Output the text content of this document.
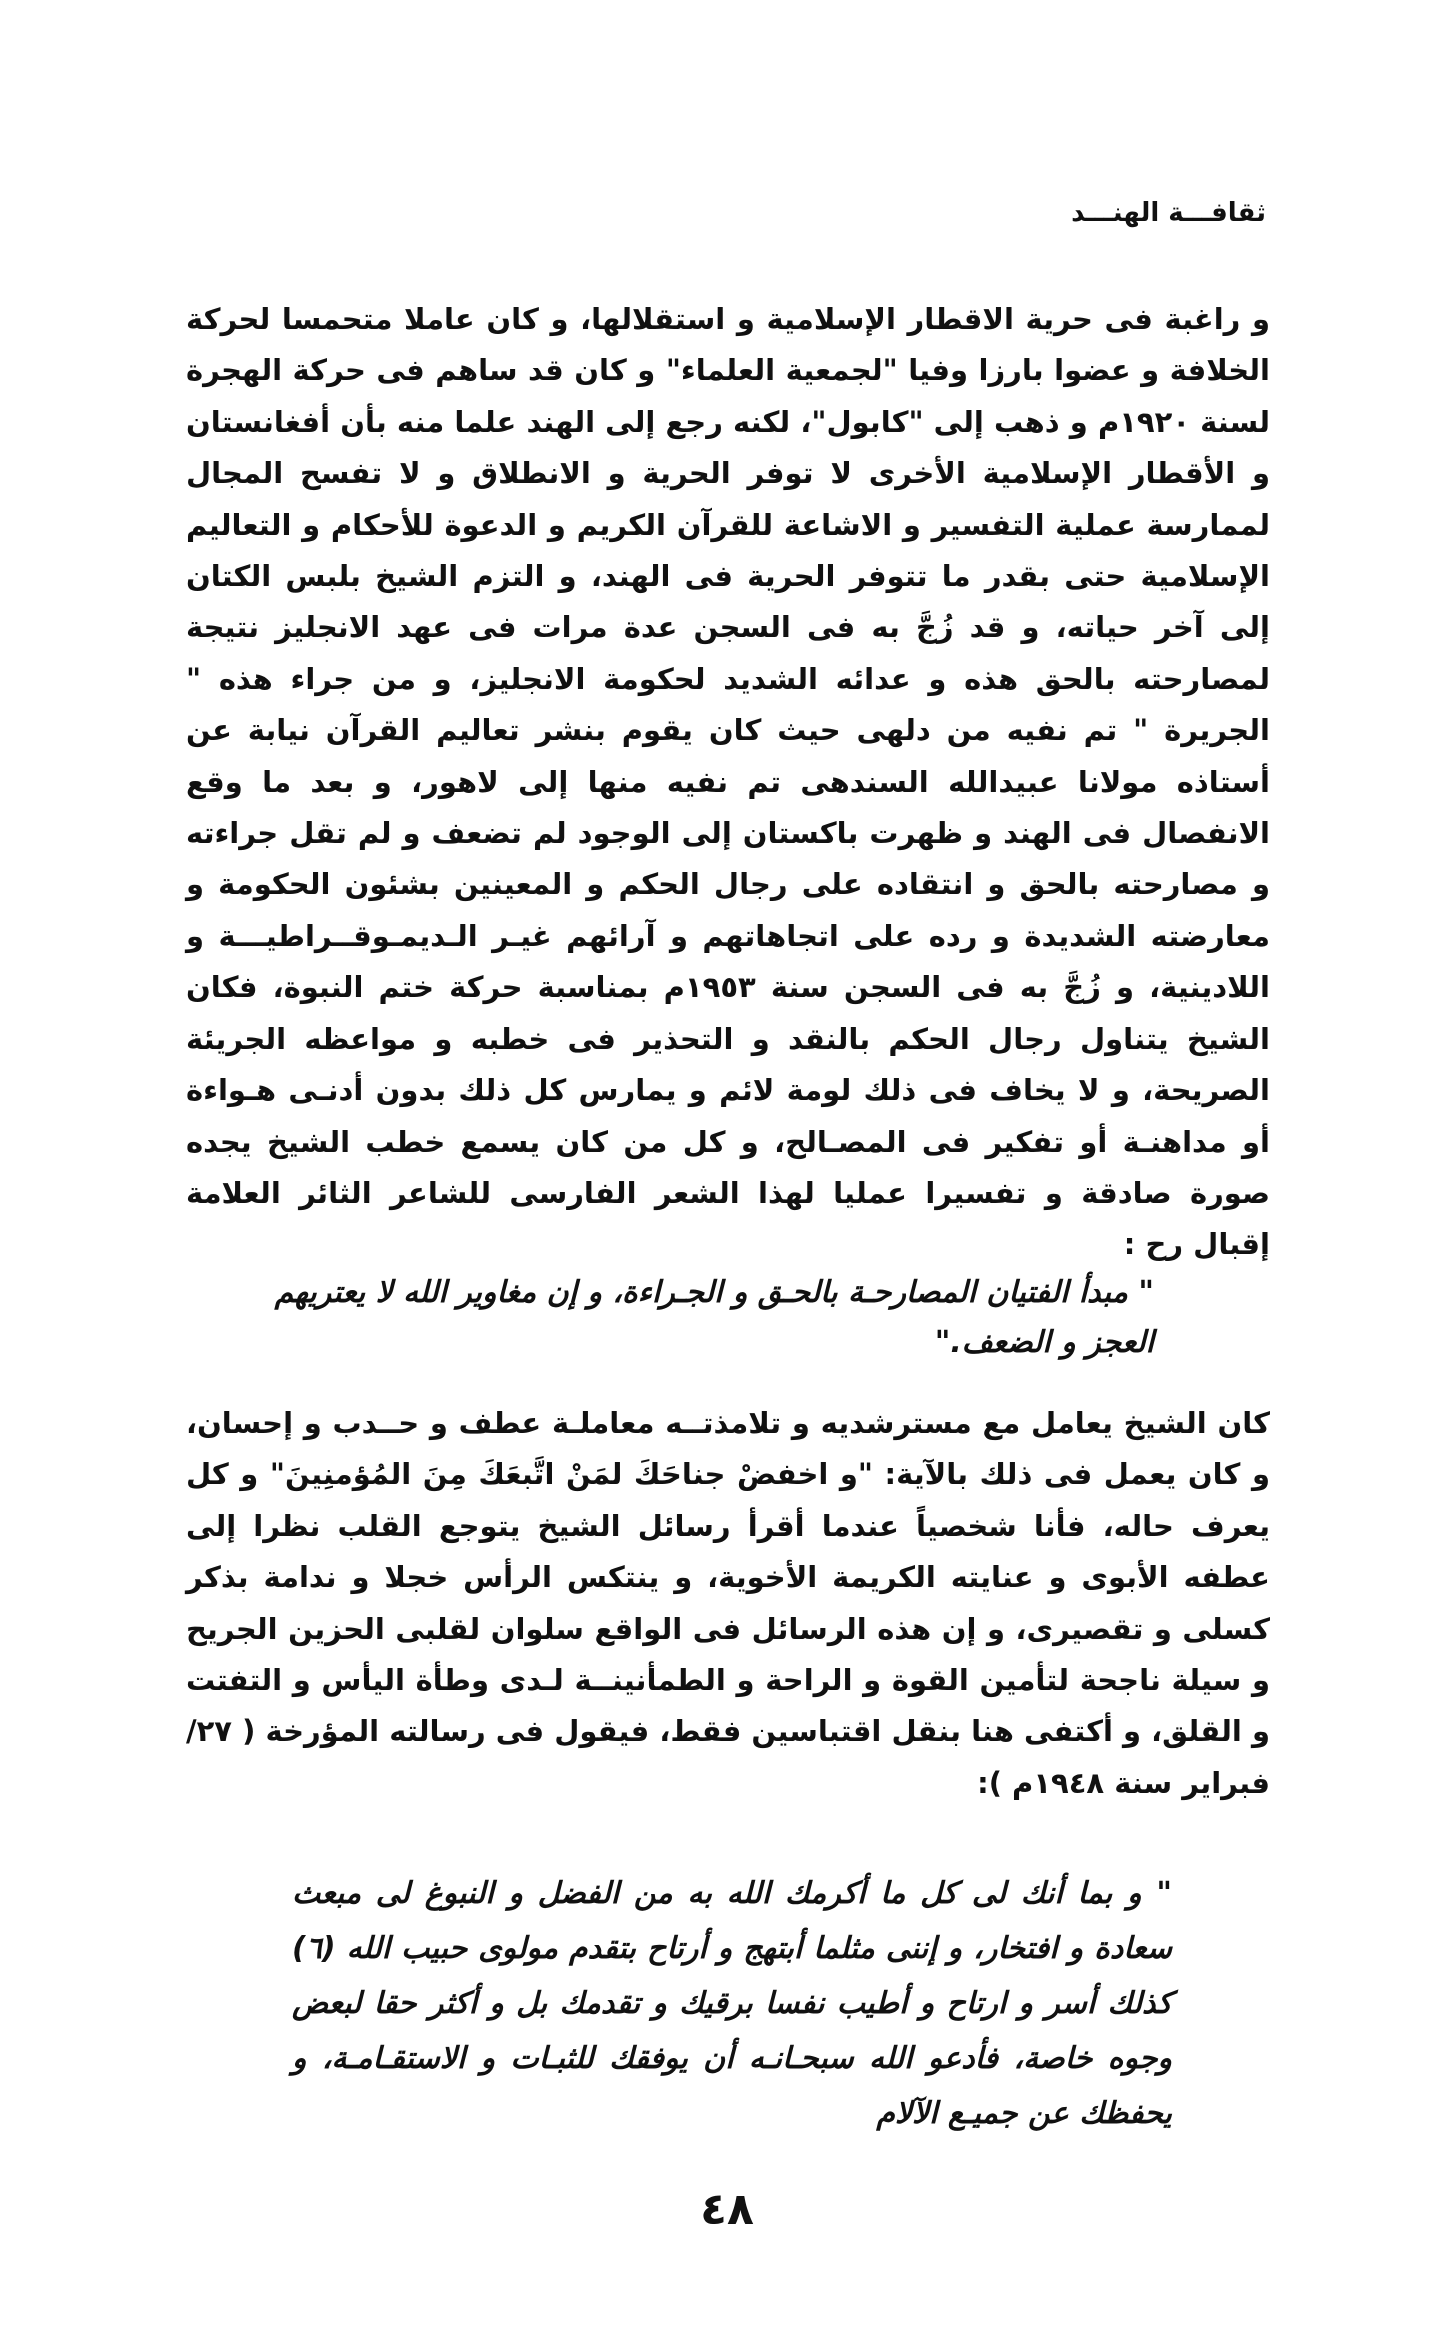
ثقافـــة الهنـــد
و راغبة فى حرية الاقطار الإسلامية و استقلالها، و كان عاملا متحمسا لحركة الخلافة و عضوا بارزا وفيا "لجمعية العلماء" و كان قد ساهم فى حركة الهجرة لسنة ١٩٢٠م و ذهب إلى "كابول"، لكنه رجع إلى الهند علما منه بأن أفغانستان و الأقطار الإسلامية الأخرى لا توفر الحرية و الانطلاق و لا تفسح المجال لممارسة عملية التفسير و الاشاعة للقرآن الكريم و الدعوة للأحكام و التعاليم الإسلامية حتى بقدر ما تتوفر الحرية فى الهند، و التزم الشيخ بلبس الكتان إلى آخر حياته، و قد زُجَّ به فى السجن عدة مرات فى عهد الانجليز نتيجة لمصارحته بالحق هذه و عدائه الشديد لحكومة الانجليز، و من جراء هذه " الجريرة " تم نفيه من دلهى حيث كان يقوم بنشر تعاليم القرآن نيابة عن أستاذه مولانا عبيدالله السندهى تم نفيه منها إلى لاهور، و بعد ما وقع الانفصال فى الهند و ظهرت باكستان إلى الوجود لم تضعف و لم تقل جراءته و مصارحته بالحق و انتقاده على رجال الحكم و المعينين بشئون الحكومة و معارضته الشديدة و رده على اتجاهاتهم و آرائهم غيـر الـديمـوقــراطيـــة و اللادينية، و زُجَّ به فى السجن سنة ١٩٥٣م بمناسبة حركة ختم النبوة، فكان الشيخ يتناول رجال الحكم بالنقد و التحذير فى خطبه و مواعظه الجريئة الصريحة، و لا يخاف فى ذلك لومة لائم و يمارس كل ذلك بدون أدنـى هـواءة أو مداهنـة أو تفكير فى المصـالح، و كل من كان يسمع خطب الشيخ يجده صورة صادقة و تفسيرا عمليا لهذا الشعر الفارسى للشاعر الثائر العلامة إقبال رح :
" مبدأ الفتيان المصارحـة بالحـق و الجـراءة، و إن مغاوير الله لا يعتريهم العجز و الضعف."
كان الشيخ يعامل مع مسترشديه و تلامذتــه معاملـة عطف و حــدب و إحسان، و كان يعمل فى ذلك بالآية: "و اخفضْ جناحَكَ لمَنْ اتَّبعَكَ مِنَ المُؤمنِينَ" و كل يعرف حاله، فأنا شخصياً عندما أقرأ رسائل الشيخ يتوجع القلب نظرا إلى عطفه الأبوى و عنايته الكريمة الأخوية، و ينتكس الرأس خجلا و ندامة بذكر كسلى و تقصيرى، و إن هذه الرسائل فى الواقع سلوان لقلبى الحزين الجريح و سيلة ناجحة لتأمين القوة و الراحة و الطمأنينــة لـدى وطأة اليأس و التفتت و القلق، و أكتفى هنا بنقل اقتباسين فقط، فيقول فى رسالته المؤرخة ( ٢٧/فبراير سنة ١٩٤٨م ):
" و بما أنك لى كل ما أكرمك الله به من الفضل و النبوغ لى مبعث سعادة و افتخار، و إننى مثلما أبتهج و أرتاح بتقدم مولوى حبيب الله (٦) كذلك أسر و ارتاح و أطيب نفسا برقيك و تقدمك بل و أكثر حقا لبعض وجوه خاصة، فأدعو الله سبحـانـه أن يوفقك للثبـات و الاستقـامـة، و يحفظك عن جميـع الآلام
٤٨
